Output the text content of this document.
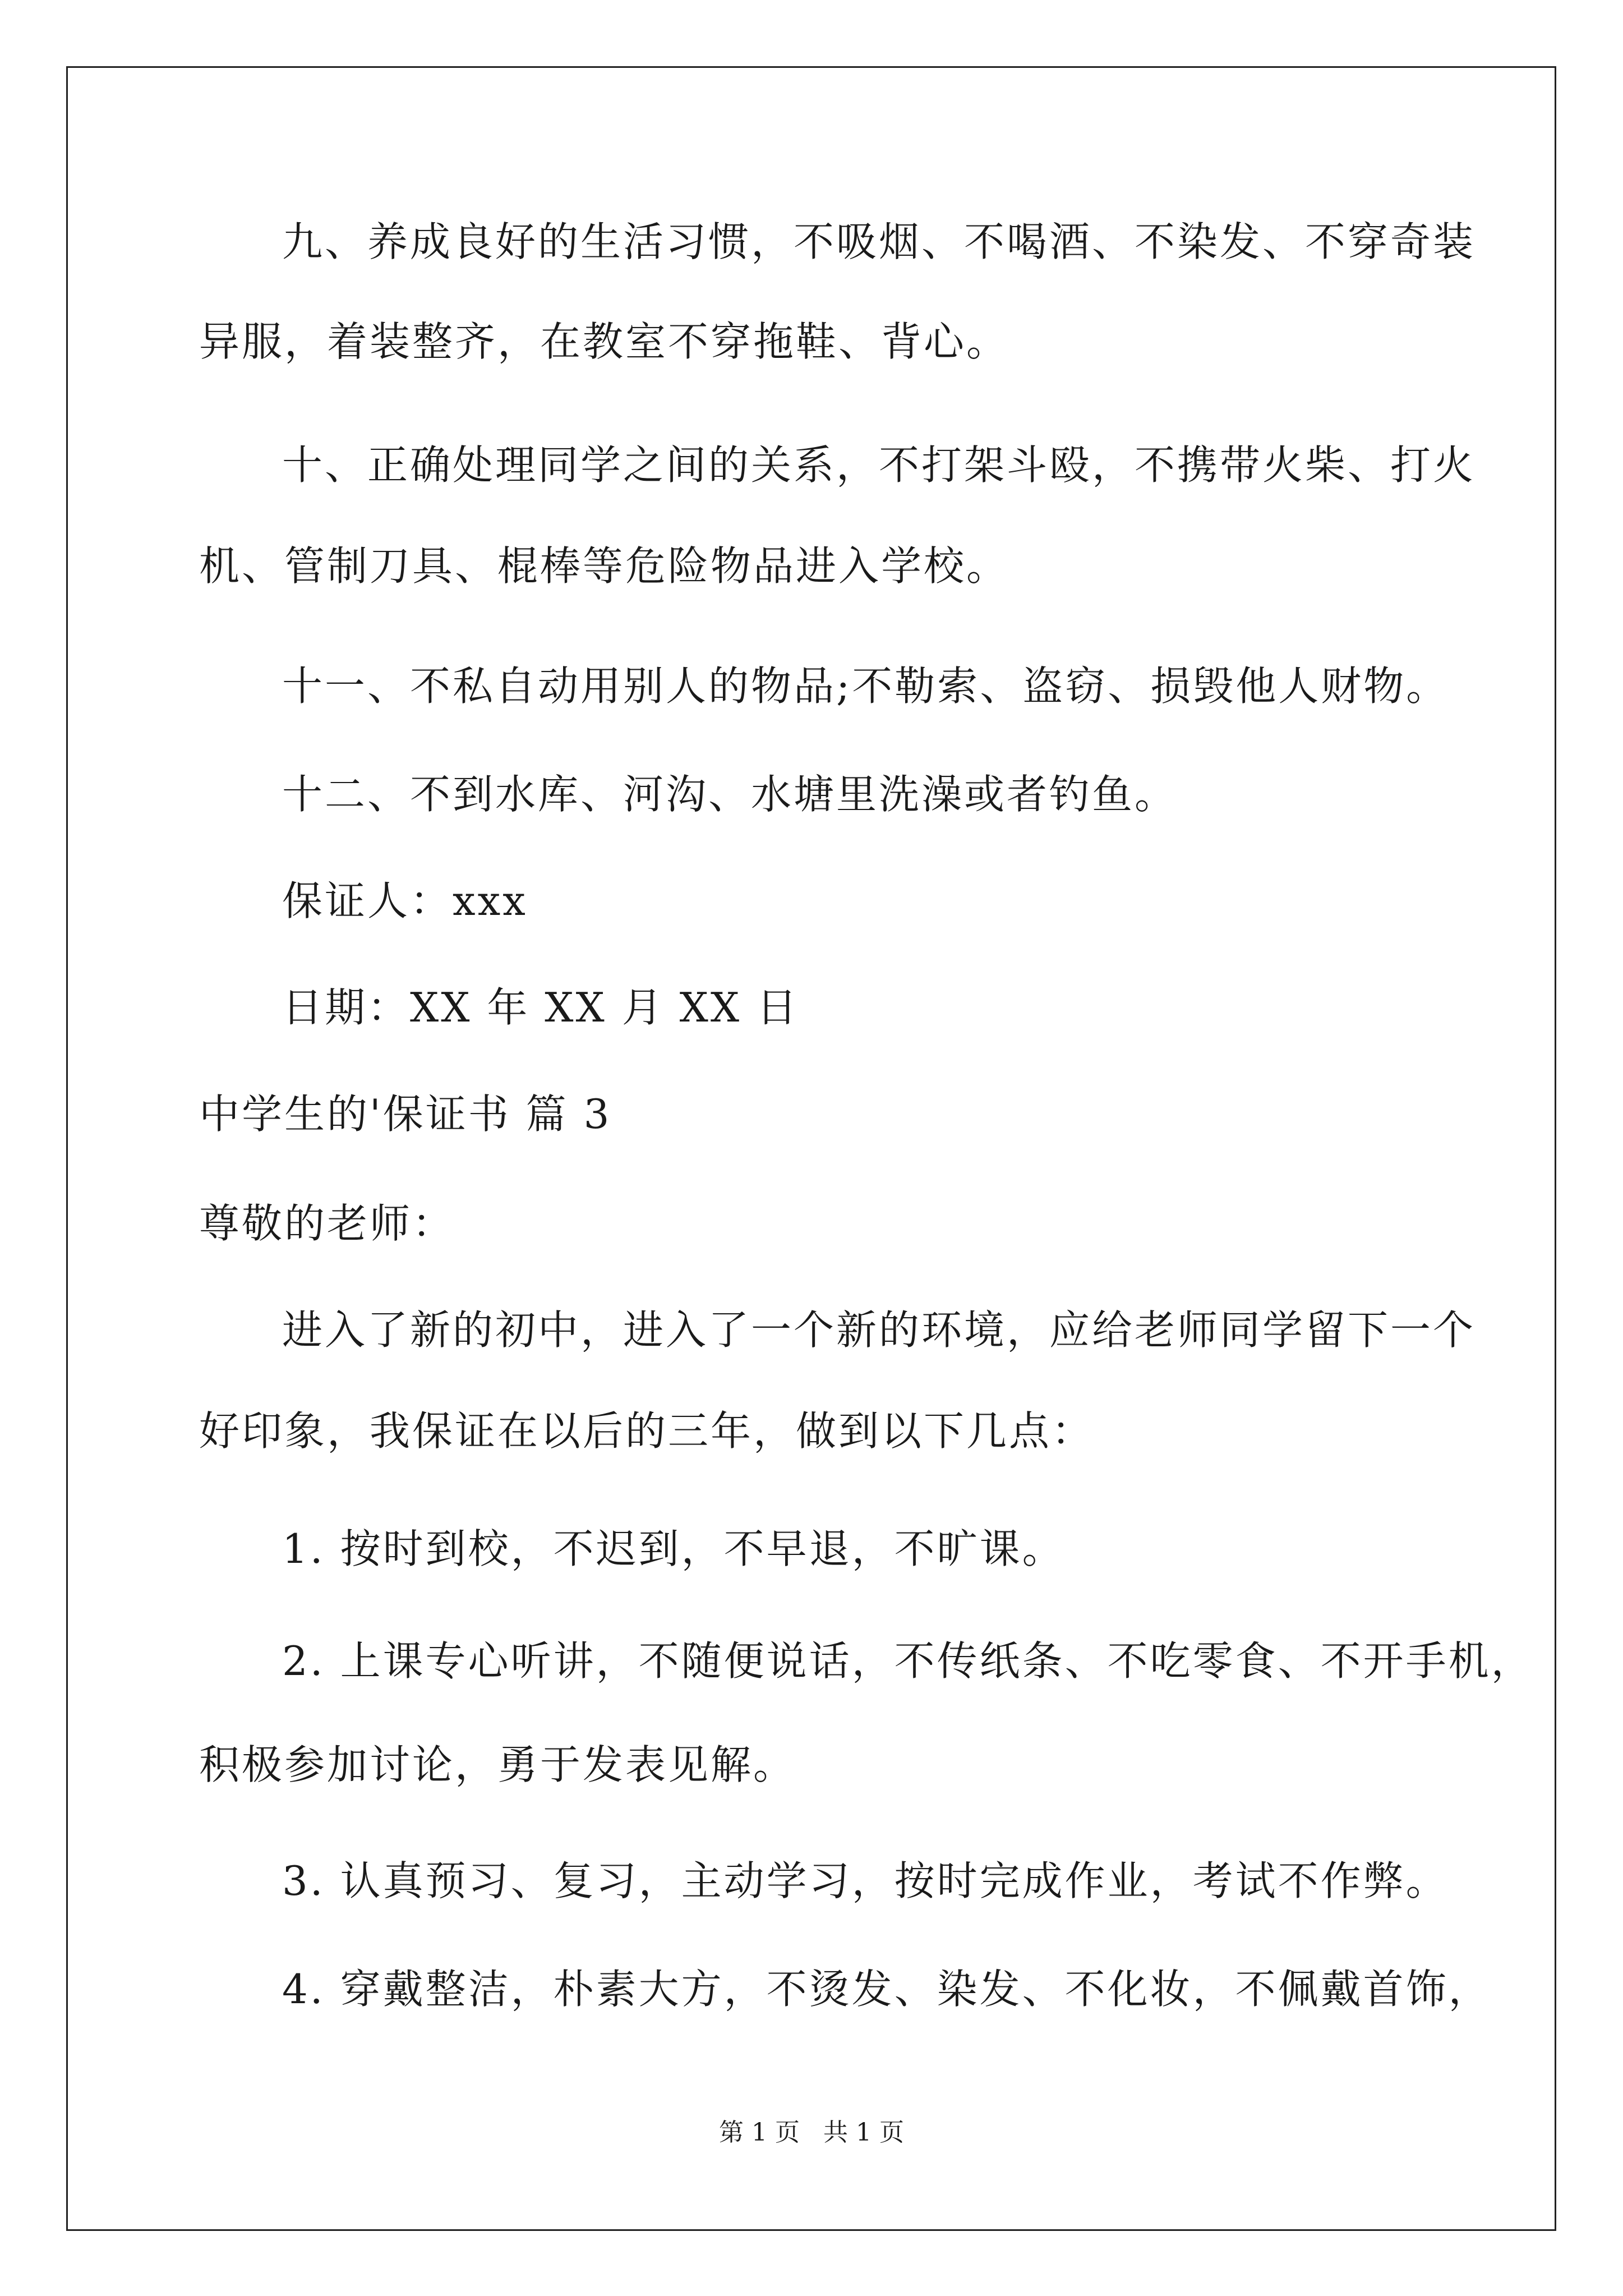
九、养成良好的生活习惯，不吸烟、不喝酒、不染发、不穿奇装
异服，着装整齐，在教室不穿拖鞋、背心。
十、正确处理同学之间的关系，不打架斗殴，不携带火柴、打火
机、管制刀具、棍棒等危险物品进入学校。
十一、不私自动用别人的物品;不勒索、盗窃、损毁他人财物。
十二、不到水库、河沟、水塘里洗澡或者钓鱼。
保证人：xxx
日期：XX 年 XX 月 XX 日
中学生的'保证书 篇 3
尊敬的老师：
进入了新的初中，进入了一个新的环境，应给老师同学留下一个
好印象，我保证在以后的三年，做到以下几点：
1. 按时到校，不迟到，不早退，不旷课。
2. 上课专心听讲，不随便说话，不传纸条、不吃零食、不开手机，
积极参加讨论，勇于发表见解。
3. 认真预习、复习，主动学习，按时完成作业，考试不作弊。
4. 穿戴整洁，朴素大方，不烫发、染发、不化妆，不佩戴首饰，
第 1 页   共 1 页
